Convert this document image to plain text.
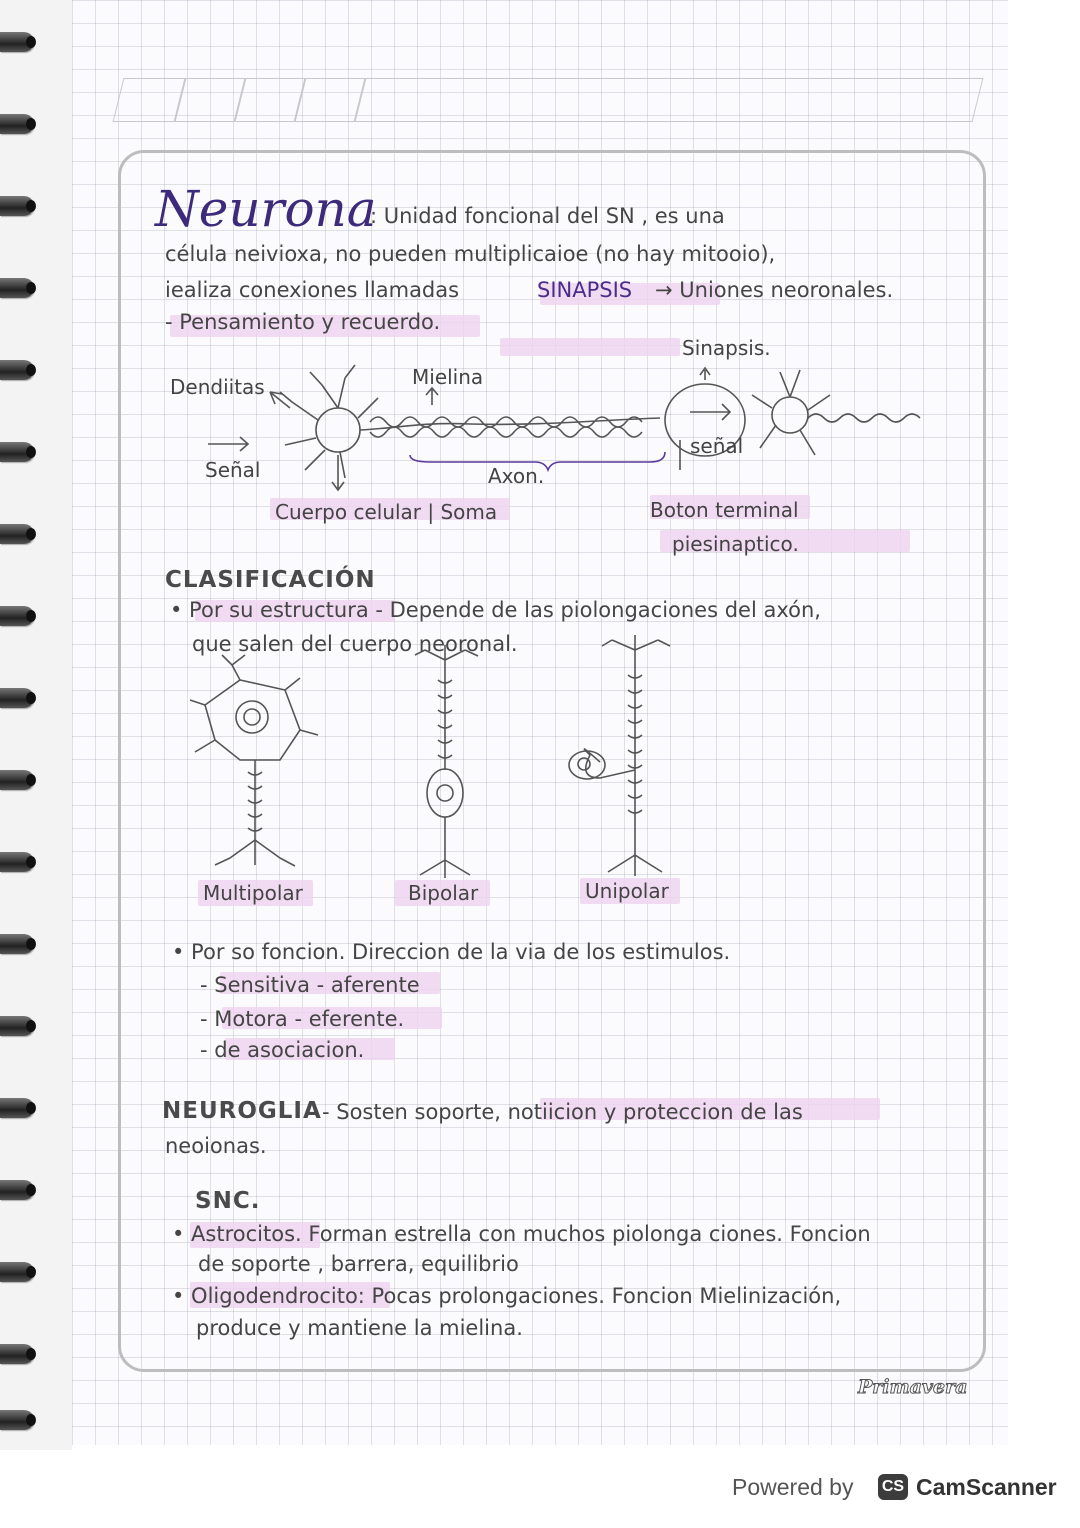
Neurona
: Unidad foncional del SN , es una
célula neivioxa, no pueden multiplicaioe (no hay mitooio),
iealiza conexiones llamadas	SINAPSIS → Uniones neoronales.
- Pensamiento y recuerdo.
Dendiitas
Señal
Mielina
Axon.
Cuerpo celular | Soma
Sinapsis.
señal
Boton terminal
piesinaptico.
CLASIFICACIÓN
• Por su estructura - Depende de las piolongaciones del axón,
que salen del cuerpo neoronal.
Multipolar	Bipolar	Unipolar
• Por so foncion. Direccion de la via de los estimulos.
- Sensitiva - aferente
- Motora - eferente.
- de asociacion.
NEUROGLIA - Sosten soporte, notiicion y proteccion de las
neoionas.
SNC.
• Astrocitos. Forman estrella con muchos piolonga ciones. Foncion
de soporte , barrera, equilibrio
• Oligodendrocito: Pocas prolongaciones. Foncion Mielinización,
produce y mantiene la mielina.
Primavera
Powered by CS CamScanner
